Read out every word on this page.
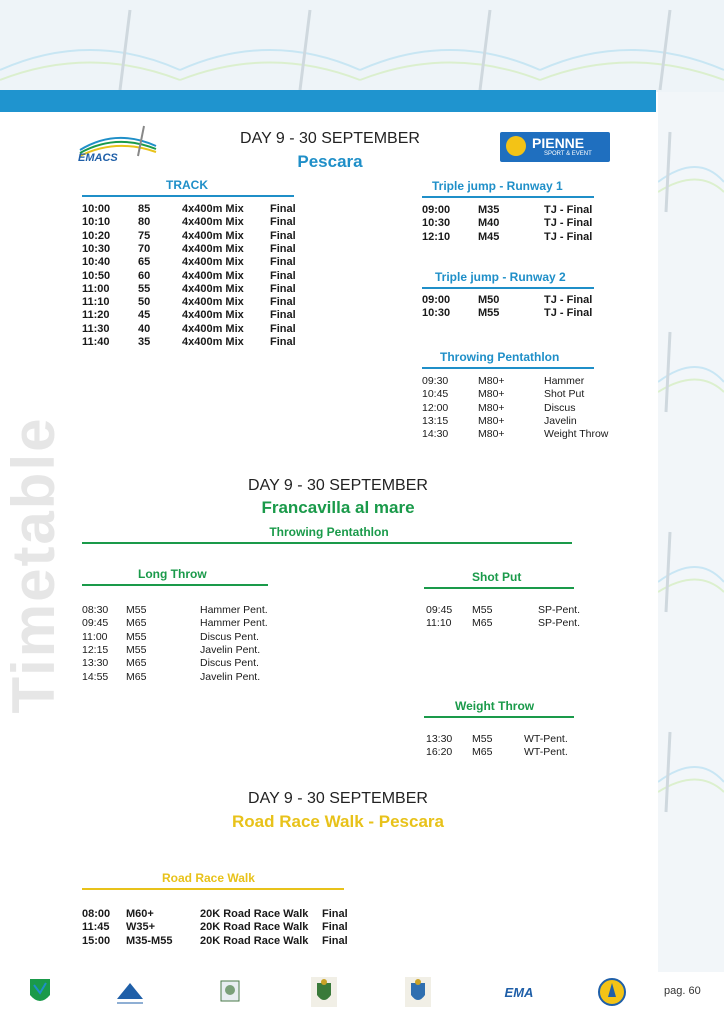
Timetable
EMACS
DAY 9 - 30 SEPTEMBER
Pescara
PIENNE
SPORT & EVENT
TRACK
10:00	85	4x400m Mix Final
10:10	80	4x400m Mix Final
10:20	75	4x400m Mix Final
10:30	70	4x400m Mix Final
10:40	65	4x400m Mix Final
10:50	60	4x400m Mix Final
11:00	55	4x400m Mix Final
11:10	50	4x400m Mix Final
11:20	45	4x400m Mix Final
11:30	40	4x400m Mix Final
11:40	35	4x400m Mix Final
Triple jump - Runway 1
09:00	M35	TJ - Final
10:30	M40	TJ - Final
12:10	M45	TJ - Final
Triple jump - Runway 2
09:00	M50	TJ - Final
10:30	M55	TJ - Final
Throwing Pentathlon
09:30	M80+	Hammer
10:45	M80+	Shot Put
12:00	M80+	Discus
13:15	M80+	Javelin
14:30	M80+	Weight Throw
DAY 9 - 30 SEPTEMBER
Francavilla al mare
Throwing Pentathlon
Long Throw
08:30 M55	Hammer Pent.
09:45 M65	Hammer Pent.
11:00 M55	Discus Pent.
12:15 M55	Javelin Pent.
13:30 M65	Discus Pent.
14:55 M65	Javelin Pent.
Shot Put
09:45 M55	SP-Pent.
11:10 M65	SP-Pent.
Weight Throw
13:30 M55	WT-Pent.
16:20 M65	WT-Pent.
DAY 9 - 30 SEPTEMBER
Road Race Walk - Pescara
Road Race Walk
08:00 M60+	20K Road Race Walk Final
11:45 W35+	20K Road Race Walk Final
15:00 M35-M55	20K Road Race Walk Final
EMA	pag. 60
